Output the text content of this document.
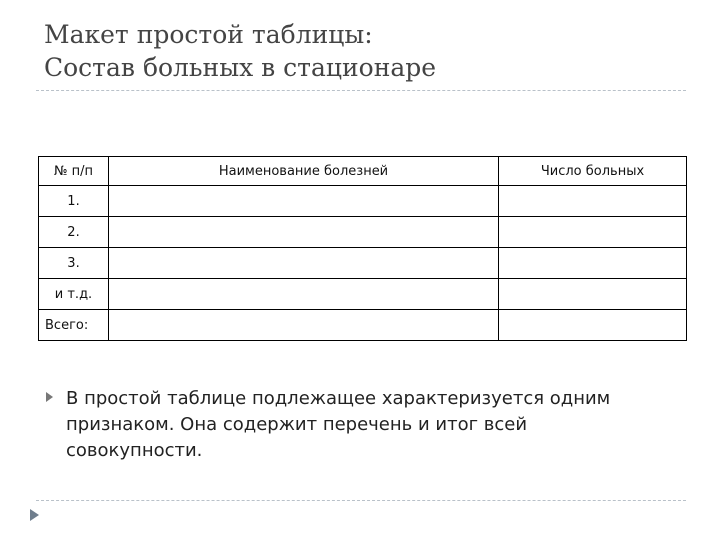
Макет простой таблицы:
Состав больных в стационаре
№ п/п	Наименование болезней	Число больных
1.		
2.		
3.		
и т.д.		
Всего:		
В простой таблице подлежащее характеризуется одним признаком. Она содержит перечень и итог всей совокупности.
